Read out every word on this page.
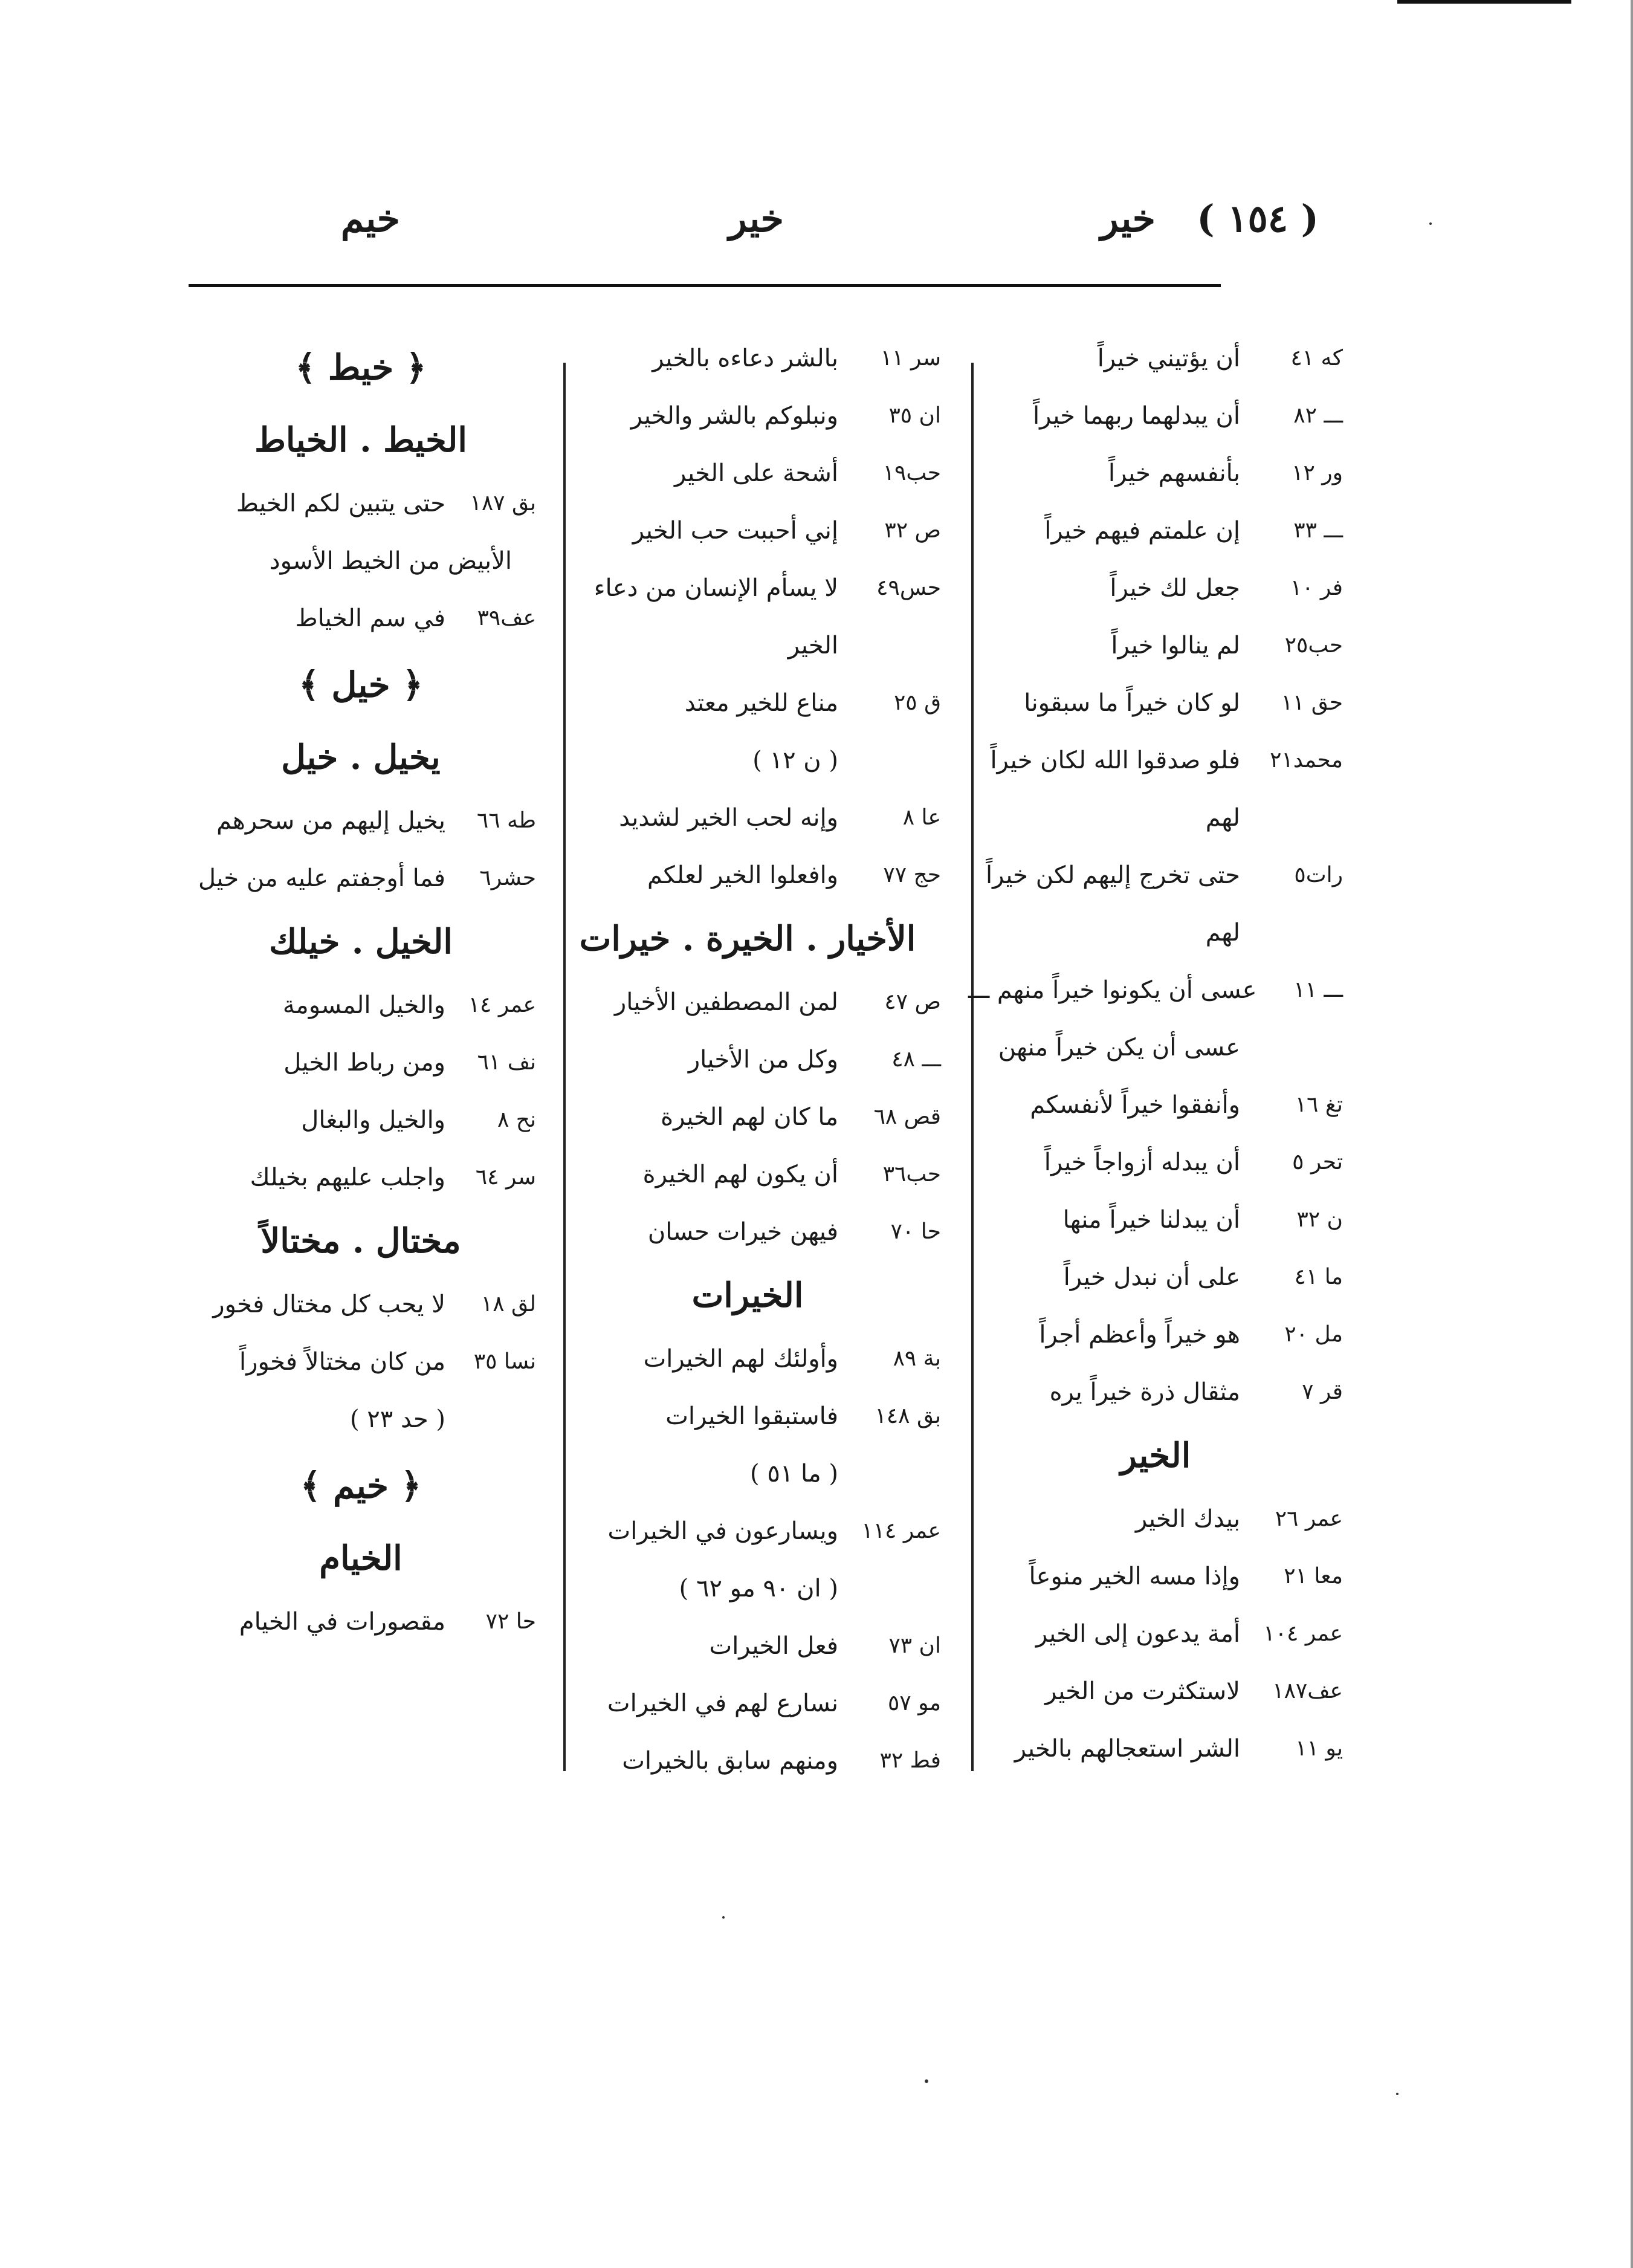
( ١٥٤ )
خير
خير
خيم
كه ٤١
أن يؤتيني خيراً
ـــ ٨٢
أن يبدلهما ربهما خيراً
ور ١٢
بأنفسهم خيراً
ـــ ٣٣
إن علمتم فيهم خيراً
فر ١٠
جعل لك خيراً
حب٢٥
لم ينالوا خيراً
حق ١١
لو كان خيراً ما سبقونا
محمد٢١
فلو صدقوا الله لكان خيراً
لهم
رات٥
حتى تخرج إليهم لكن خيراً
لهم
ـــ ١١
عسى أن يكونوا خيراً منهم ـــ
عسى أن يكن خيراً منهن
تغ ١٦
وأنفقوا خيراً لأنفسكم
تحر ٥
أن يبدله أزواجاً خيراً
ن ٣٢
أن يبدلنا خيراً منها
ما ٤١
على أن نبدل خيراً
مل ٢٠
هو خيراً وأعظم أجراً
قر ٧
مثقال ذرة خيراً يره
الخير
عمر ٢٦
بيدك الخير
معا ٢١
وإذا مسه الخير منوعاً
عمر ١٠٤
أمة يدعون إلى الخير
عف١٨٧
لاستكثرت من الخير
يو ١١
الشر استعجالهم بالخير
سر ١١
بالشر دعاءه بالخير
ان ٣٥
ونبلوكم بالشر والخير
حب١٩
أشحة على الخير
ص ٣٢
إني أحببت حب الخير
حس٤٩
لا يسأم الإنسان من دعاء
الخير
ق ٢٥
مناع للخير معتد
( ن ١٢ )
عا ٨
وإنه لحب الخير لشديد
حج ٧٧
وافعلوا الخير لعلكم
الأخيار . الخيرة . خيرات
ص ٤٧
لمن المصطفين الأخيار
ـــ ٤٨
وكل من الأخيار
قص ٦٨
ما كان لهم الخيرة
حب٣٦
أن يكون لهم الخيرة
حا ٧٠
فيهن خيرات حسان
الخيرات
بة ٨٩
وأولئك لهم الخيرات
بق ١٤٨
فاستبقوا الخيرات
( ما ٥١ )
عمر ١١٤
ويسارعون في الخيرات
( ان ٩٠ مو ٦٢ )
ان ٧٣
فعل الخيرات
مو ٥٧
نسارع لهم في الخيرات
فط ٣٢
ومنهم سابق بالخيرات
﴿ خيط ﴾
الخيط . الخياط
بق ١٨٧
حتى يتبين لكم الخيط
الأبيض من الخيط الأسود
عف٣٩
في سم الخياط
﴿ خيل ﴾
يخيل . خيل
طه ٦٦
يخيل إليهم من سحرهم
حشر٦
فما أوجفتم عليه من خيل
الخيل . خيلك
عمر ١٤
والخيل المسومة
نف ٦١
ومن رباط الخيل
نح ٨
والخيل والبغال
سر ٦٤
واجلب عليهم بخيلك
مختال . مختالاً
لق ١٨
لا يحب كل مختال فخور
نسا ٣٥
من كان مختالاً فخوراً
( حد ٢٣ )
﴿ خيم ﴾
الخيام
حا ٧٢
مقصورات في الخيام
